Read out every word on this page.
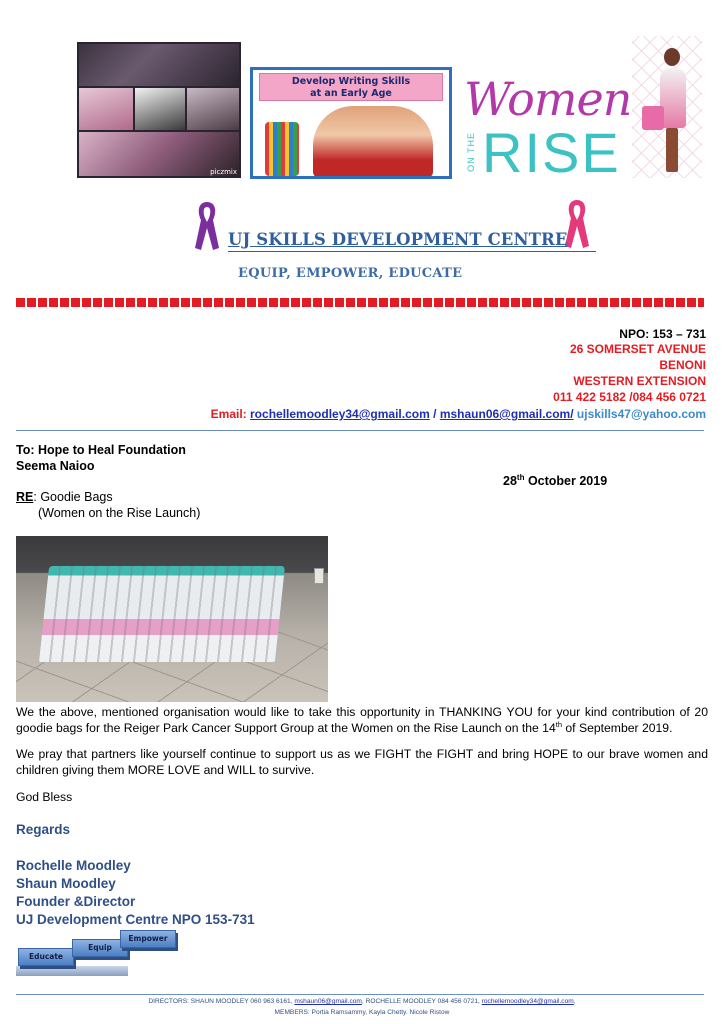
piczmix
Develop Writing Skills
at an Early Age	Women
ON THE RISE
UJ SKILLS DEVELOPMENT CENTRE
EQUIP, EMPOWER, EDUCATE
NPO: 153 – 731
26 SOMERSET AVENUE
BENONI
WESTERN EXTENSION
011 422 5182 /084 456 0721
Email: rochellemoodley34@gmail.com / mshaun06@gmail.com/ ujskills47@yahoo.com
To: Hope to Heal Foundation
Seema Naioo
28th October 2019
RE: Goodie Bags
(Women on the Rise Launch)
We the above, mentioned organisation would like to take this opportunity in THANKING YOU for your kind contribution of 20 goodie bags for the Reiger Park Cancer Support Group at the Women on the Rise Launch on the 14th of September 2019.
We pray that partners like yourself continue to support us as we FIGHT the FIGHT and bring HOPE to our brave women and children giving them MORE LOVE and WILL to survive.
God Bless
Regards
Rochelle Moodley
Shaun Moodley
Founder &Director
UJ Development Centre NPO 153-731
Educate
Equip
Empower
DIRECTORS: SHAUN MOODLEY 060 963 6161, mshaun06@gmail.com, ROCHELLE MOODLEY 084 456 0721, rochellemoodley34@gmail.com,
MEMBERS: Portia Ramsammy, Kayla Chetty. Nicole Ristow
